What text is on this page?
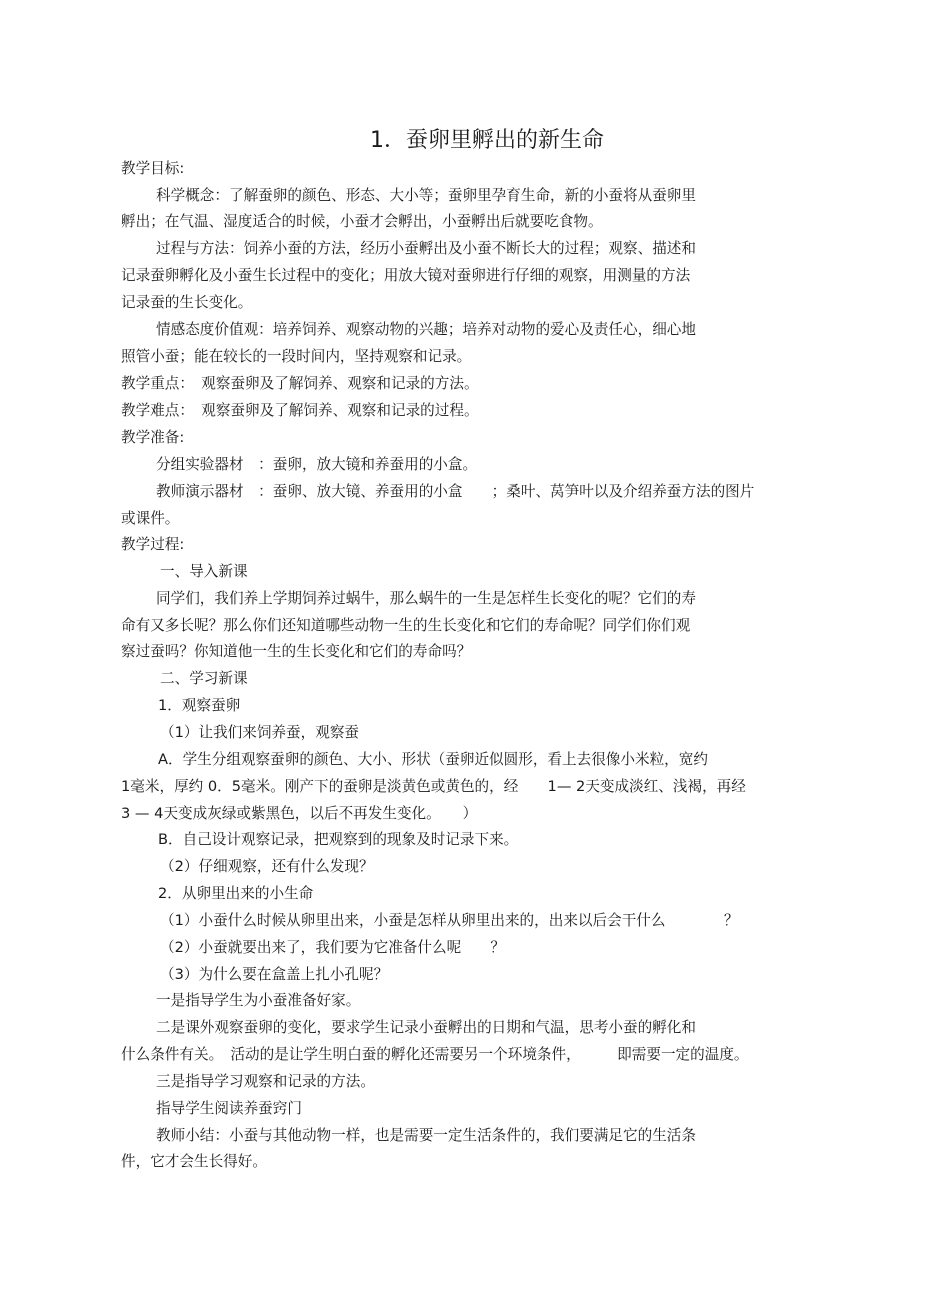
1．蚕卵里孵出的新生命
教学目标:
科学概念：了解蚕卵的颜色、形态、大小等；蚕卵里孕育生命，新的小蚕将从蚕卵里
孵出；在气温、湿度适合的时候，小蚕才会孵出，小蚕孵出后就要吃食物。
过程与方法：饲养小蚕的方法，经历小蚕孵出及小蚕不断长大的过程；观察、描述和
记录蚕卵孵化及小蚕生长过程中的变化；用放大镜对蚕卵进行仔细的观察，用测量的方法
记录蚕的生长变化。
情感态度价值观：培养饲养、观察动物的兴趣；培养对动物的爱心及责任心，细心地
照管小蚕；能在较长的一段时间内，坚持观察和记录。
教学重点：　观察蚕卵及了解饲养、观察和记录的方法。
教学难点：　观察蚕卵及了解饲养、观察和记录的过程。
教学准备:
分组实验器材　：蚕卵，放大镜和养蚕用的小盒。
教师演示器材　：蚕卵、放大镜、养蚕用的小盒　　；桑叶、莴笋叶以及介绍养蚕方法的图片
或课件。
教学过程:
一、导入新课
同学们，我们养上学期饲养过蜗牛，那么蜗牛的一生是怎样生长变化的呢？它们的寿
命有又多长呢？那么你们还知道哪些动物一生的生长变化和它们的寿命呢？同学们你们观
察过蚕吗？你知道他一生的生长变化和它们的寿命吗？
二、学习新课
1．观察蚕卵
（1）让我们来饲养蚕，观察蚕
A．学生分组观察蚕卵的颜色、大小、形状（蚕卵近似圆形，看上去很像小米粒，宽约
1毫米，厚约 0．5毫米。刚产下的蚕卵是淡黄色或黄色的，经　　1— 2天变成淡红、浅褐，再经
3 — 4天变成灰绿或紫黑色，以后不再发生变化。　　）
B．自己设计观察记录，把观察到的现象及时记录下来。
（2）仔细观察，还有什么发现？
2．从卵里出来的小生命
（1）小蚕什么时候从卵里出来，小蚕是怎样从卵里出来的，出来以后会干什么　　　　？
（2）小蚕就要出来了，我们要为它准备什么呢　　？
（3）为什么要在盒盖上扎小孔呢？
一是指导学生为小蚕准备好家。
二是课外观察蚕卵的变化，要求学生记录小蚕孵出的日期和气温，思考小蚕的孵化和
什么条件有关。　活动的是让学生明白蚕的孵化还需要另一个环境条件，　　　即需要一定的温度。
三是指导学习观察和记录的方法。
指导学生阅读养蚕窍门
教师小结：小蚕与其他动物一样，也是需要一定生活条件的，我们要满足它的生活条
件，它才会生长得好。
